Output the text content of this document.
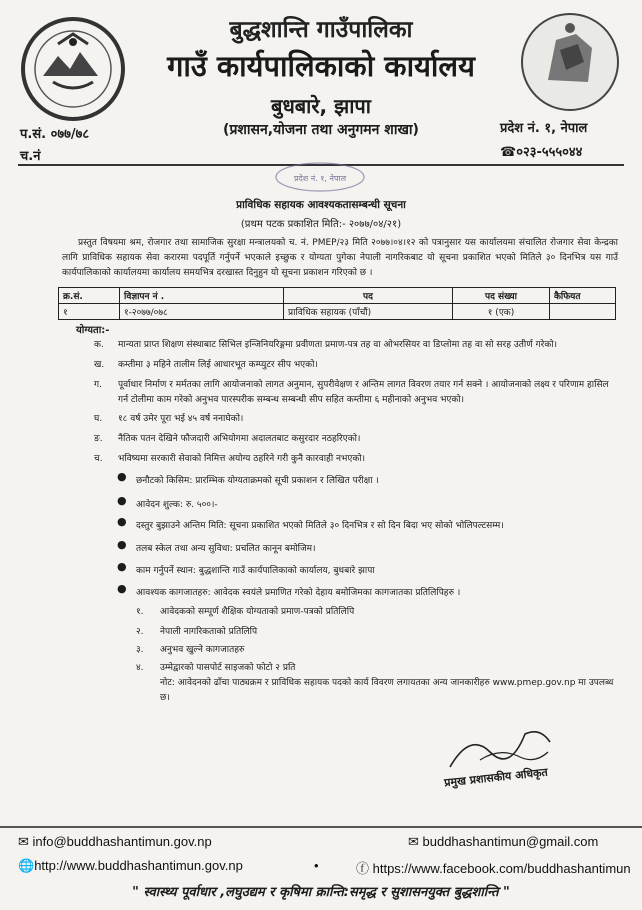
बुद्धशान्ति गाउँपालिका
गाउँ कार्यपालिकाको कार्यालय
बुधबारे, झापा
(प्रशासन,योजना तथा अनुगमन शाखा)
प.सं. ०७७/७८
च.नं
प्रदेश नं. १, नेपाल
☎०२३-५५५०४४
प्रदेश नं. १, नेपाल
प्राविधिक सहायक आवश्यकतासम्बन्धी सूचना
(प्रथम पटक प्रकाशित मिति:- २०७७/०४/२१)
प्रस्तुत विषयमा श्रम, रोजगार तथा सामाजिक सुरक्षा मन्त्रालयको च. नं. PMEP/२३ मिति २०७७।०४।१२ को पत्रानुसार यस कार्यालयमा संचालित रोजगार सेवा केन्द्रका लागि प्राविधिक सहायक सेवा करारमा पदपूर्ति गर्नुपर्ने भएकाले इच्छुक र योग्यता पुगेका नेपाली नागरिकबाट यो सूचना प्रकाशित भएको मितिले ३० दिनभित्र यस गाउँ कार्यपालिकाको कार्यालयमा कार्यालय समयभित्र दरखास्त दिनुहुन यो सूचना प्रकाशन गरिएको छ ।
क्र.सं.	विज्ञापन नं .	पद	पद संख्या	कैफियत
१	१-२०७७/०७८	प्राविधिक सहायक (पाँचौं)	१ (एक)	
योग्यता:-
क. मान्यता प्राप्त शिक्षण संस्थाबाट सिभिल इन्जिनियरिङ्गमा प्रवीणता प्रमाण-पत्र तह वा ओभरसियर वा डिप्लोमा तह वा सो सरह उतीर्ण गरेको।
ख. कम्तीमा ३ महिने तालीम लिई आधारभूत कम्प्युटर सीप भएको।
ग. पूर्वाधार निर्माण र मर्मतका लागि आयोजनाको लागत अनुमान, सुपरीवेक्षण र अन्तिम लागत विवरण तयार गर्न सक्ने । आयोजनाको लक्ष्य र परिणाम हासिल गर्न टोलीमा काम गरेको अनुभव पारस्परीक सम्बन्ध सम्बन्धी सीप सहित कम्तीमा ६ महीनाको अनुभव भएको।
घ. १८ वर्ष उमेर पूरा भई ४५ वर्ष ननाघेको।
ङ. नैतिक पतन देखिने फौजदारी अभियोगमा अदालतबाट कसुरदार नठहरिएको।
च. भविष्यमा सरकारी सेवाको निमित्त अयोग्य ठहरिने गरी कुनै कारवाही नभएको।
● छनौटको किसिम: प्रारम्भिक योग्यताक्रमको सूची प्रकाशन र लिखित परीक्षा ।
● आवेदन शुल्क: रु. ५००।-
● दस्तुर बुझाउने अन्तिम मिति: सूचना प्रकाशित भएको मितिले ३० दिनभित्र र सो दिन बिदा भए सोको भोलिपल्टसम्म।
● तलब स्केल तथा अन्य सुविधा: प्रचलित कानून बमोजिम।
● काम गर्नुपर्ने स्थान: बुद्धशान्ति गाउँ कार्यपालिकाको कार्यालय, बुधबारे झापा
● आवश्यक कागजातहरु: आवेदक स्वयंले प्रमाणित गरेको देहाय बमोजिमका कागजातका प्रतिलिपिहरु ।
१. आवेदकको सम्पूर्ण शैक्षिक योग्यताको प्रमाण-पत्रको प्रतिलिपि
२. नेपाली नागरिकताको प्रतिलिपि
३. अनुभव खुल्ने कागजातहरु
४. उम्मेद्वारको पासपोर्ट साइजको फोटो २ प्रति
नोट: आवेदनको ढाँचा पाठ्यक्रम र प्राविधिक सहायक पदको कार्य विवरण लगायतका अन्य जानकारीहरु www.pmep.gov.np मा उपलब्ध छ।
प्रमुख प्रशासकीय अधिकृत
✉ info@buddhashantimun.gov.np	✉ buddhashantimun@gmail.com
🌐http://www.buddhashantimun.gov.np	•	ⓕ https://www.facebook.com/buddhashantimun
" स्वास्थ्य पूर्वाधार ,लघुउद्यम र कृषिमा क्रान्ति:समृद्ध र सुशासनयुक्त बुद्धशान्ति "
